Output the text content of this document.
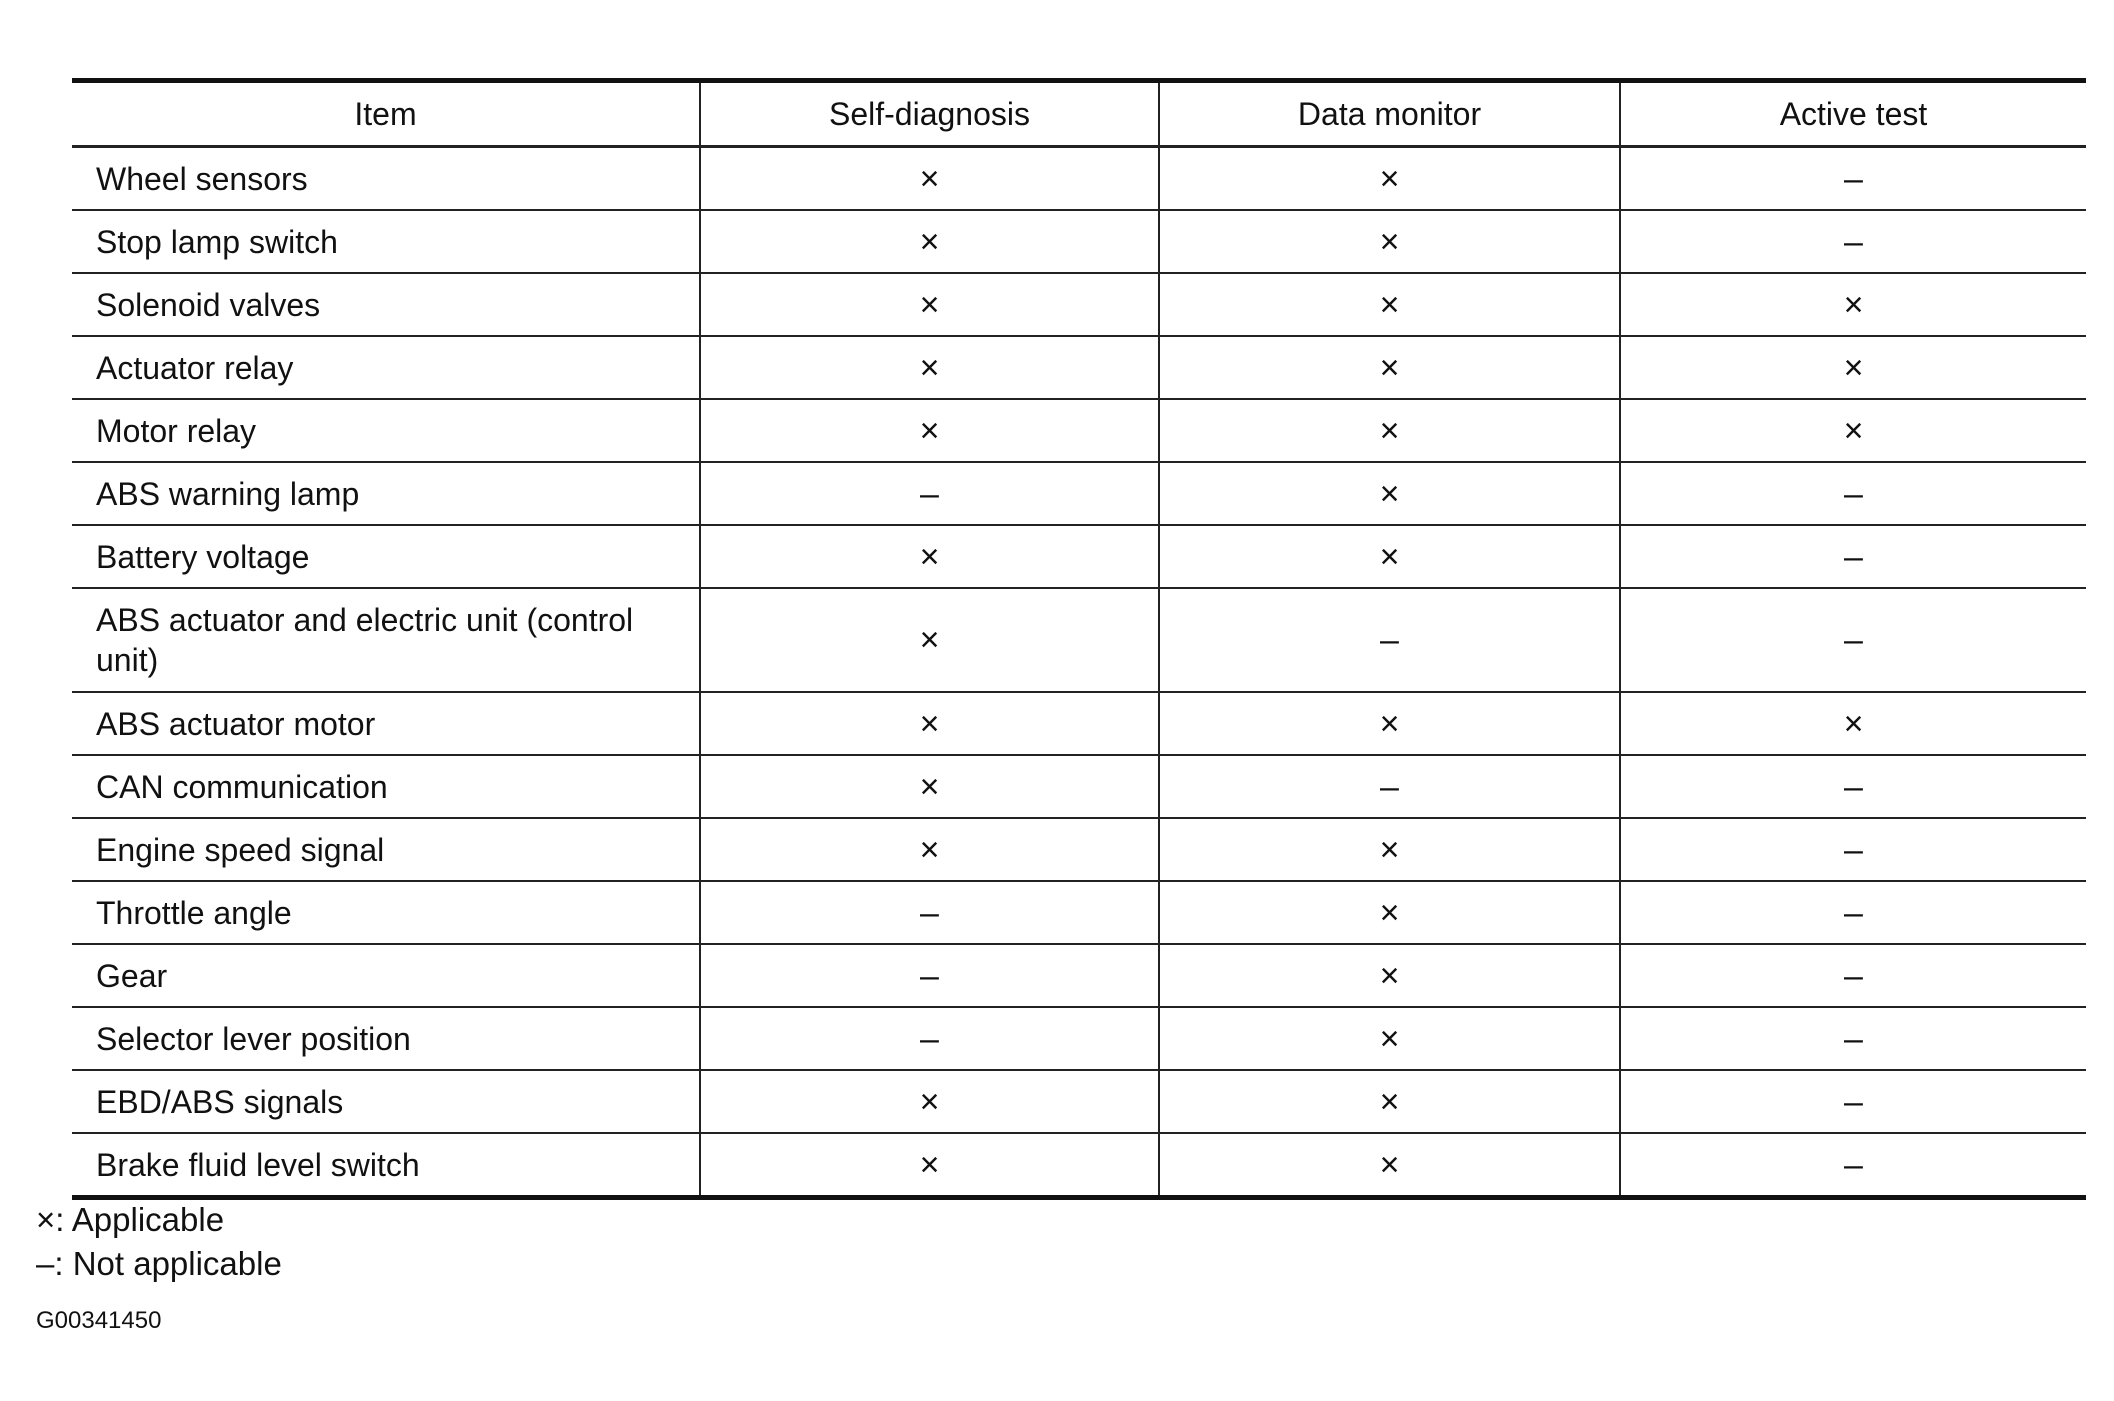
Item	Self-diagnosis	Data monitor	Active test
Wheel sensors	×	×	–
Stop lamp switch	×	×	–
Solenoid valves	×	×	×
Actuator relay	×	×	×
Motor relay	×	×	×
ABS warning lamp	–	×	–
Battery voltage	×	×	–
ABS actuator and electric unit (control unit)	×	–	–
ABS actuator motor	×	×	×
CAN communication	×	–	–
Engine speed signal	×	×	–
Throttle angle	–	×	–
Gear	–	×	–
Selector lever position	–	×	–
EBD/ABS signals	×	×	–
Brake fluid level switch	×	×	–
×: Applicable
–: Not applicable
G00341450
